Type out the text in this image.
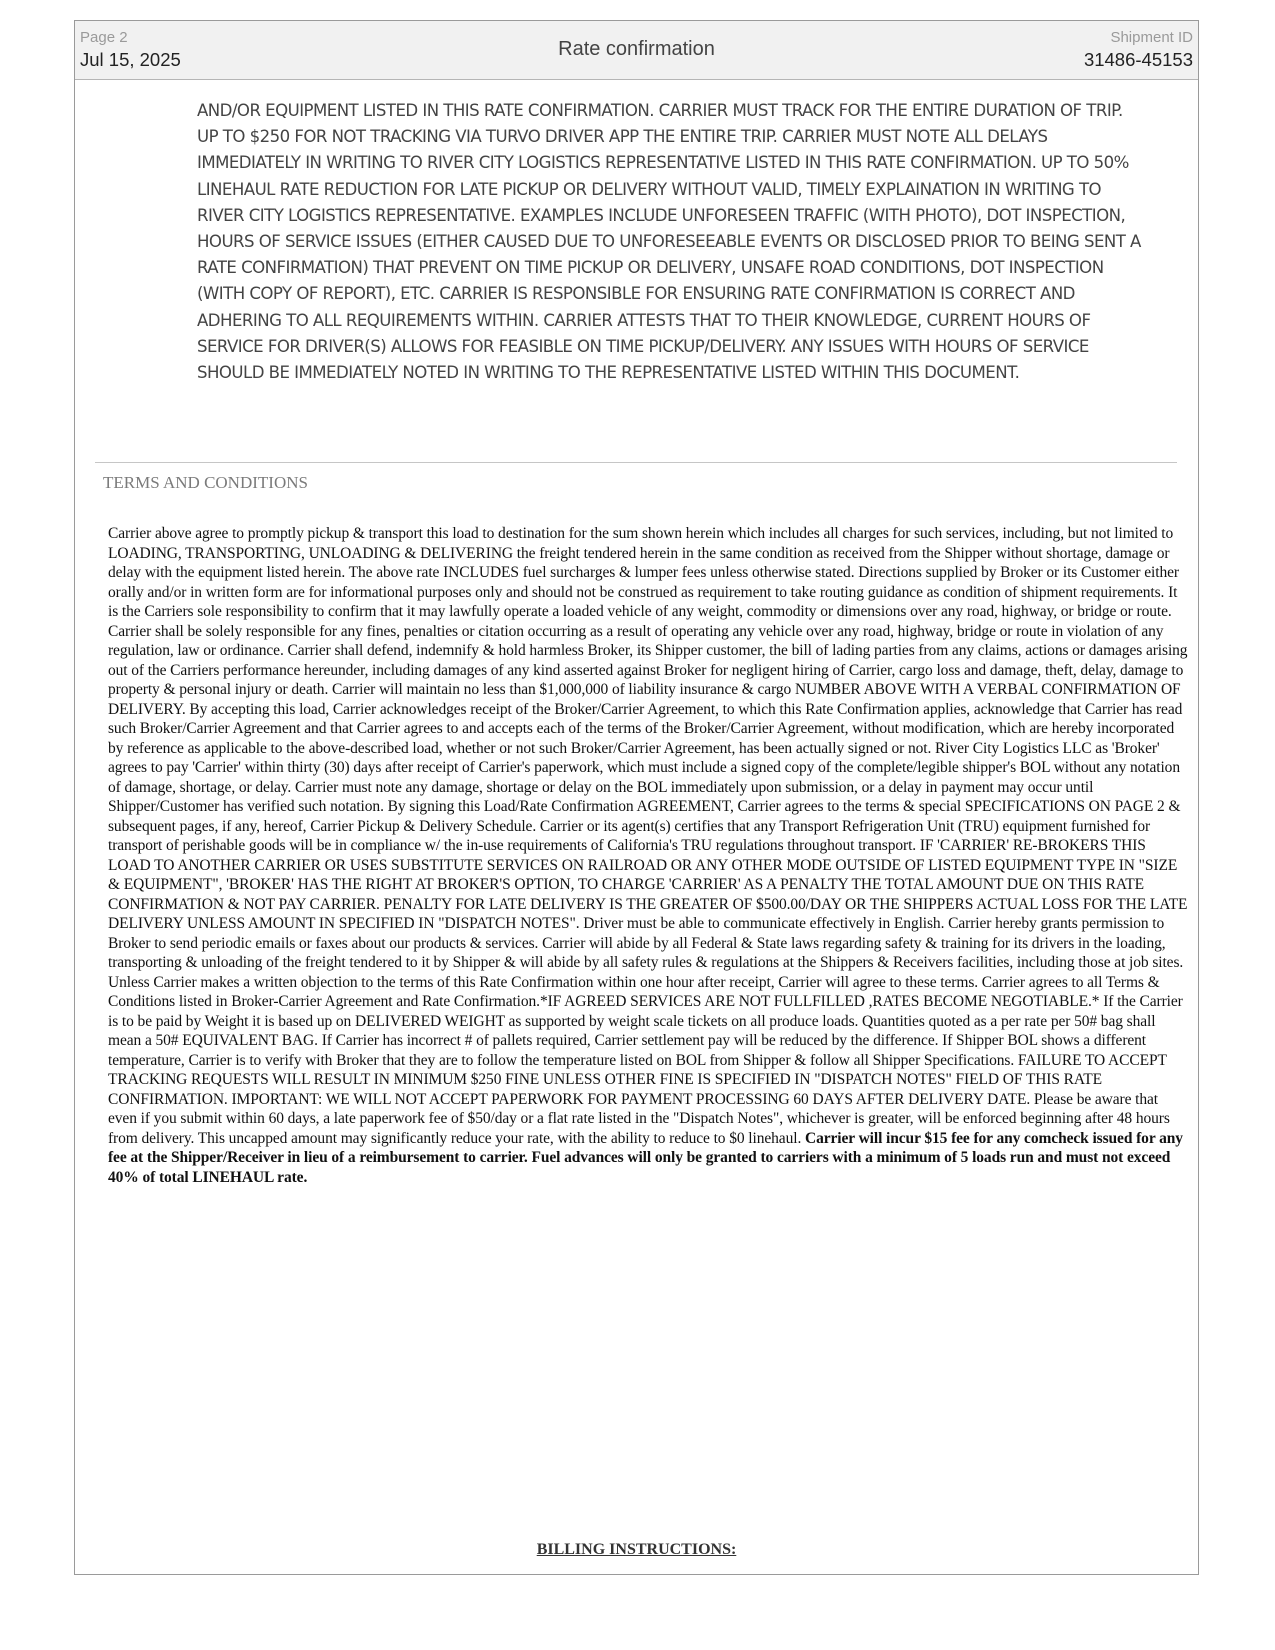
Page 2
Jul 15, 2025	Rate confirmation
Shipment ID
31486-45153
AND/OR EQUIPMENT LISTED IN THIS RATE CONFIRMATION. CARRIER MUST TRACK FOR THE ENTIRE DURATION OF TRIP. UP TO $250 FOR NOT TRACKING VIA TURVO DRIVER APP THE ENTIRE TRIP. CARRIER MUST NOTE ALL DELAYS IMMEDIATELY IN WRITING TO RIVER CITY LOGISTICS REPRESENTATIVE LISTED IN THIS RATE CONFIRMATION. UP TO 50% LINEHAUL RATE REDUCTION FOR LATE PICKUP OR DELIVERY WITHOUT VALID, TIMELY EXPLAINATION IN WRITING TO RIVER CITY LOGISTICS REPRESENTATIVE. EXAMPLES INCLUDE UNFORESEEN TRAFFIC (WITH PHOTO), DOT INSPECTION, HOURS OF SERVICE ISSUES (EITHER CAUSED DUE TO UNFORESEEABLE EVENTS OR DISCLOSED PRIOR TO BEING SENT A RATE CONFIRMATION) THAT PREVENT ON TIME PICKUP OR DELIVERY, UNSAFE ROAD CONDITIONS, DOT INSPECTION (WITH COPY OF REPORT), ETC. CARRIER IS RESPONSIBLE FOR ENSURING RATE CONFIRMATION IS CORRECT AND ADHERING TO ALL REQUIREMENTS WITHIN. CARRIER ATTESTS THAT TO THEIR KNOWLEDGE, CURRENT HOURS OF SERVICE FOR DRIVER(S) ALLOWS FOR FEASIBLE ON TIME PICKUP/DELIVERY. ANY ISSUES WITH HOURS OF SERVICE SHOULD BE IMMEDIATELY NOTED IN WRITING TO THE REPRESENTATIVE LISTED WITHIN THIS DOCUMENT.
TERMS AND CONDITIONS
Carrier above agree to promptly pickup & transport this load to destination for the sum shown herein which includes all charges for such services, including, but not limited to LOADING, TRANSPORTING, UNLOADING & DELIVERING the freight tendered herein in the same condition as received from the Shipper without shortage, damage or delay with the equipment listed herein. The above rate INCLUDES fuel surcharges & lumper fees unless otherwise stated. Directions supplied by Broker or its Customer either orally and/or in written form are for informational purposes only and should not be construed as requirement to take routing guidance as condition of shipment requirements. It is the Carriers sole responsibility to confirm that it may lawfully operate a loaded vehicle of any weight, commodity or dimensions over any road, highway, or bridge or route. Carrier shall be solely responsible for any fines, penalties or citation occurring as a result of operating any vehicle over any road, highway, bridge or route in violation of any regulation, law or ordinance. Carrier shall defend, indemnify & hold harmless Broker, its Shipper customer, the bill of lading parties from any claims, actions or damages arising out of the Carriers performance hereunder, including damages of any kind asserted against Broker for negligent hiring of Carrier, cargo loss and damage, theft, delay, damage to property & personal injury or death. Carrier will maintain no less than $1,000,000 of liability insurance & cargo NUMBER ABOVE WITH A VERBAL CONFIRMATION OF DELIVERY. By accepting this load, Carrier acknowledges receipt of the Broker/Carrier Agreement, to which this Rate Confirmation applies, acknowledge that Carrier has read such Broker/Carrier Agreement and that Carrier agrees to and accepts each of the terms of the Broker/Carrier Agreement, without modification, which are hereby incorporated by reference as applicable to the above-described load, whether or not such Broker/Carrier Agreement, has been actually signed or not. River City Logistics LLC as 'Broker' agrees to pay 'Carrier' within thirty (30) days after receipt of Carrier's paperwork, which must include a signed copy of the complete/legible shipper's BOL without any notation of damage, shortage, or delay. Carrier must note any damage, shortage or delay on the BOL immediately upon submission, or a delay in payment may occur until Shipper/Customer has verified such notation. By signing this Load/Rate Confirmation AGREEMENT, Carrier agrees to the terms & special SPECIFICATIONS ON PAGE 2 & subsequent pages, if any, hereof, Carrier Pickup & Delivery Schedule. Carrier or its agent(s) certifies that any Transport Refrigeration Unit (TRU) equipment furnished for transport of perishable goods will be in compliance w/ the in-use requirements of California's TRU regulations throughout transport. IF 'CARRIER' RE-BROKERS THIS LOAD TO ANOTHER CARRIER OR USES SUBSTITUTE SERVICES ON RAILROAD OR ANY OTHER MODE OUTSIDE OF LISTED EQUIPMENT TYPE IN "SIZE & EQUIPMENT", 'BROKER' HAS THE RIGHT AT BROKER'S OPTION, TO CHARGE 'CARRIER' AS A PENALTY THE TOTAL AMOUNT DUE ON THIS RATE CONFIRMATION & NOT PAY CARRIER. PENALTY FOR LATE DELIVERY IS THE GREATER OF $500.00/DAY OR THE SHIPPERS ACTUAL LOSS FOR THE LATE DELIVERY UNLESS AMOUNT IN SPECIFIED IN "DISPATCH NOTES". Driver must be able to communicate effectively in English. Carrier hereby grants permission to Broker to send periodic emails or faxes about our products & services. Carrier will abide by all Federal & State laws regarding safety & training for its drivers in the loading, transporting & unloading of the freight tendered to it by Shipper & will abide by all safety rules & regulations at the Shippers & Receivers facilities, including those at job sites. Unless Carrier makes a written objection to the terms of this Rate Confirmation within one hour after receipt, Carrier will agree to these terms. Carrier agrees to all Terms & Conditions listed in Broker-Carrier Agreement and Rate Confirmation.*IF AGREED SERVICES ARE NOT FULLFILLED ,RATES BECOME NEGOTIABLE.* If the Carrier is to be paid by Weight it is based up on DELIVERED WEIGHT as supported by weight scale tickets on all produce loads. Quantities quoted as a per rate per 50# bag shall mean a 50# EQUIVALENT BAG. If Carrier has incorrect # of pallets required, Carrier settlement pay will be reduced by the difference. If Shipper BOL shows a different temperature, Carrier is to verify with Broker that they are to follow the temperature listed on BOL from Shipper & follow all Shipper Specifications. FAILURE TO ACCEPT TRACKING REQUESTS WILL RESULT IN MINIMUM $250 FINE UNLESS OTHER FINE IS SPECIFIED IN "DISPATCH NOTES" FIELD OF THIS RATE CONFIRMATION. IMPORTANT: WE WILL NOT ACCEPT PAPERWORK FOR PAYMENT PROCESSING 60 DAYS AFTER DELIVERY DATE. Please be aware that even if you submit within 60 days, a late paperwork fee of $50/day or a flat rate listed in the "Dispatch Notes", whichever is greater, will be enforced beginning after 48 hours from delivery. This uncapped amount may significantly reduce your rate, with the ability to reduce to $0 linehaul. Carrier will incur $15 fee for any comcheck issued for any fee at the Shipper/Receiver in lieu of a reimbursement to carrier. Fuel advances will only be granted to carriers with a minimum of 5 loads run and must not exceed 40% of total LINEHAUL rate.
BILLING INSTRUCTIONS:
